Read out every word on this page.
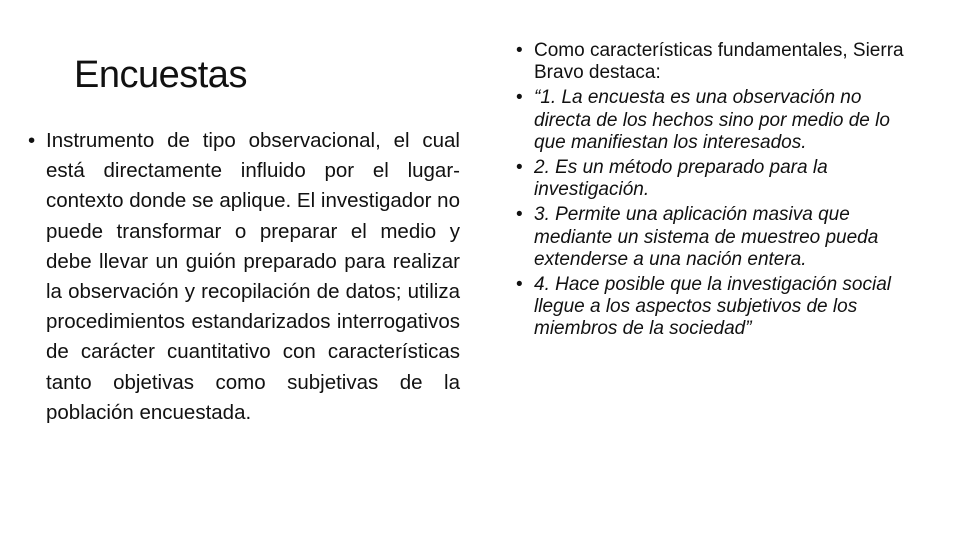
Encuestas
• Instrumento de tipo observacional, el cual está directamente influido por el lugar-contexto donde se aplique. El investigador no puede transformar o preparar el medio y debe llevar un guión preparado para realizar la observación y recopilación de datos; utiliza procedimientos estandarizados interrogativos de carácter cuantitativo con características tanto objetivas como subjetivas de la población encuestada.
• Como características fundamentales, Sierra Bravo destaca:
• “1. La encuesta es una observación no directa de los hechos sino por medio de lo que manifiestan los interesados.
• 2. Es un método preparado para la investigación.
• 3. Permite una aplicación masiva que mediante un sistema de muestreo pueda extenderse a una nación entera.
• 4. Hace posible que la investigación social llegue a los aspectos subjetivos de los miembros de la sociedad”
